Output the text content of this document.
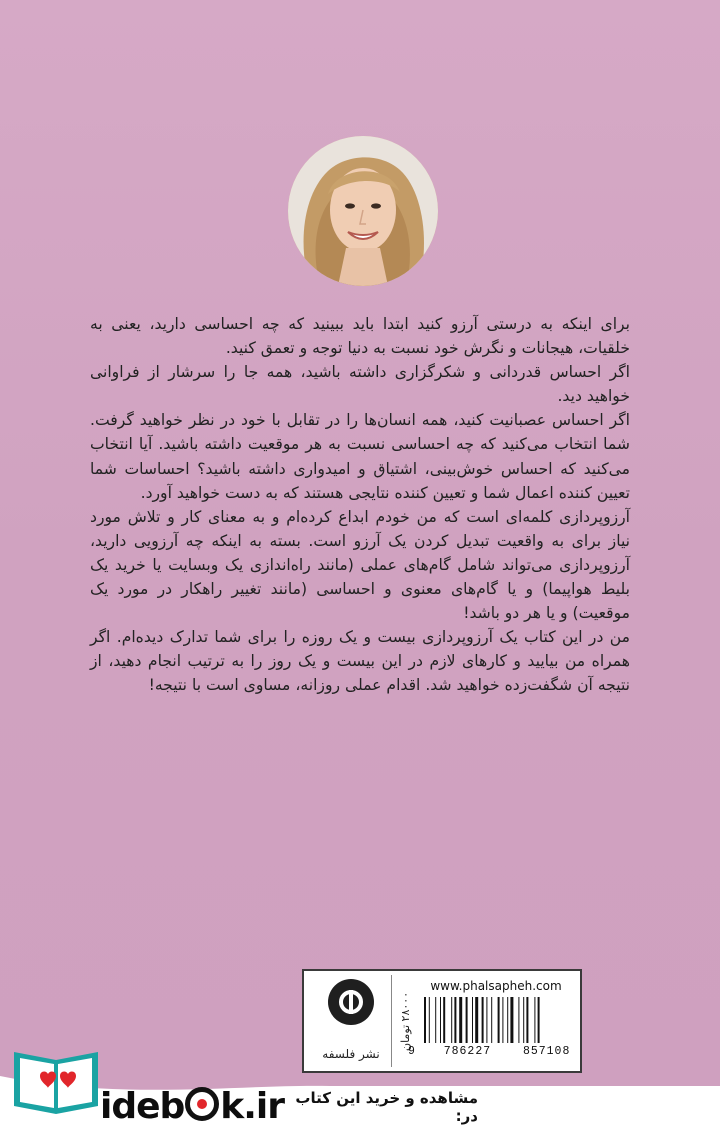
برای اینکه به درستی آرزو کنید ابتدا باید ببینید که چه احساسی دارید، یعنی به خلقیات، هیجانات و نگرش خود نسبت به دنیا توجه و تعمق کنید.

اگر احساس قدردانی و شکرگزاری داشته باشید، همه جا را سرشار از فراوانی خواهید دید.

اگر احساس عصبانیت کنید، همه انسان‌ها را در تقابل با خود در نظر خواهید گرفت. شما انتخاب می‌کنید که چه احساسی نسبت به هر موقعیت داشته باشید. آیا انتخاب می‌کنید که احساس خوش‌بینی، اشتیاق و امیدواری داشته باشید؟ احساسات شما تعیین کننده اعمال شما و تعیین کننده نتایجی هستند که به دست خواهید آورد.

آرزوپردازی کلمه‌ای است که من خودم ابداع کرده‌ام و به معنای کار و تلاش مورد نیاز برای به واقعیت تبدیل کردن یک آرزو است. بسته به اینکه چه آرزویی دارید، آرزوپردازی می‌تواند شامل گام‌های عملی (مانند راه‌اندازی یک وبسایت یا خرید یک بلیط هواپیما) و یا گام‌های معنوی و احساسی (مانند تغییر راهکار در مورد یک موقعیت) و یا هر دو باشد!

من در این کتاب یک آرزوپردازی بیست و یک روزه را برای شما تدارک دیده‌ام. اگر همراه من بیایید و کارهای لازم در این بیست و یک روز را به ترتیب انجام دهید، از نتیجه آن شگفت‌زده خواهید شد. اقدام عملی روزانه، مساوی است با نتیجه!

نشر فلسفه
۲۸۰۰۰ تومان
www.phalsapheh.com
9 786227	857108
ideb k.ir مشاهده و خرید این کتاب در:
